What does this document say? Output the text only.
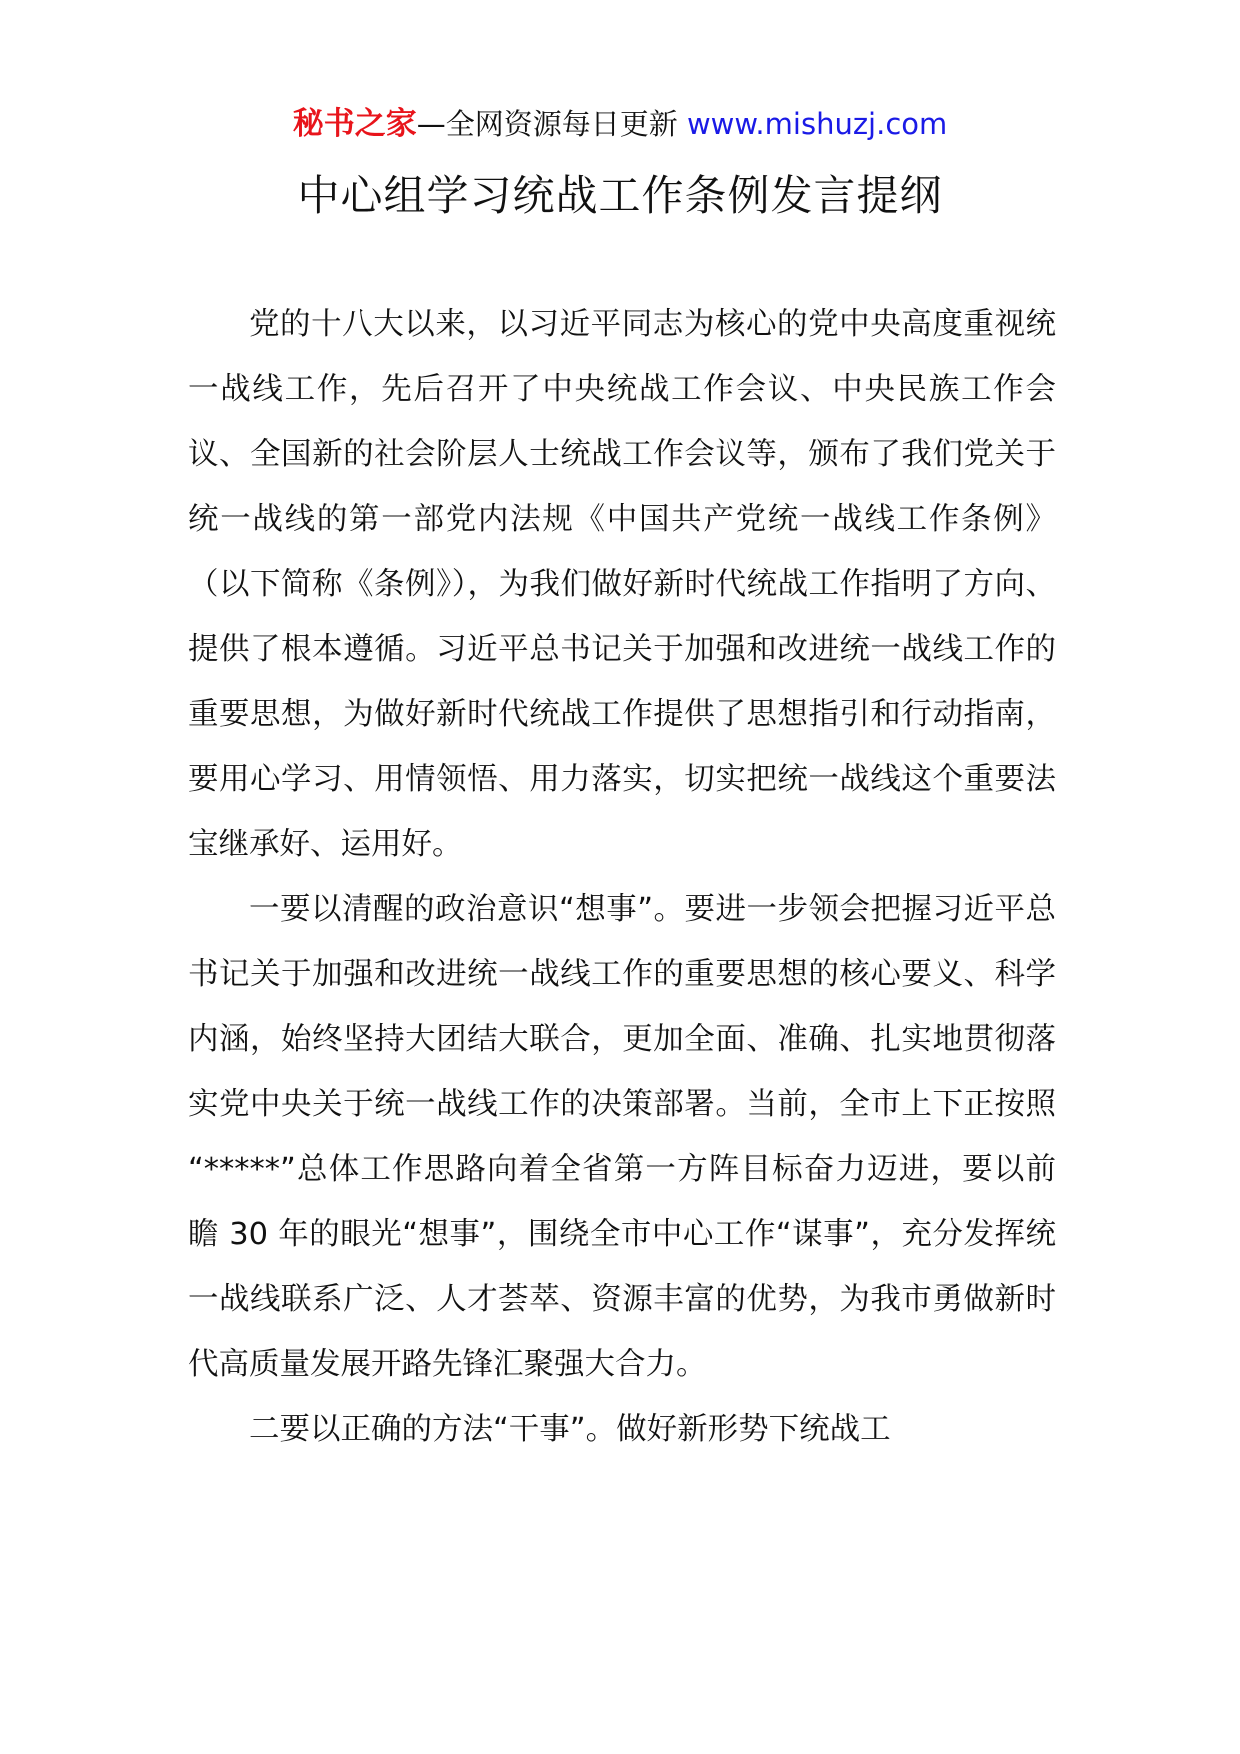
秘书之家—全网资源每日更新 www.mishuzj.com
中心组学习统战工作条例发言提纲

党的十八大以来，以习近平同志为核心的党中央高度重视统一战线工作，先后召开了中央统战工作会议、中央民族工作会议、全国新的社会阶层人士统战工作会议等，颁布了我们党关于统一战线的第一部党内法规《中国共产党统一战线工作条例》（以下简称《条例》），为我们做好新时代统战工作指明了方向、提供了根本遵循。习近平总书记关于加强和改进统一战线工作的重要思想，为做好新时代统战工作提供了思想指引和行动指南，要用心学习、用情领悟、用力落实，切实把统一战线这个重要法宝继承好、运用好。

一要以清醒的政治意识“想事”。要进一步领会把握习近平总书记关于加强和改进统一战线工作的重要思想的核心要义、科学内涵，始终坚持大团结大联合，更加全面、准确、扎实地贯彻落实党中央关于统一战线工作的决策部署。当前，全市上下正按照 “*****”总体工作思路向着全省第一方阵目标奋力迈进，要以前瞻 30 年的眼光“想事”，围绕全市中心工作“谋事”，充分发挥统一战线联系广泛、人才荟萃、资源丰富的优势，为我市勇做新时代高质量发展开路先锋汇聚强大合力。

二要以正确的方法“干事”。做好新形势下统战工
